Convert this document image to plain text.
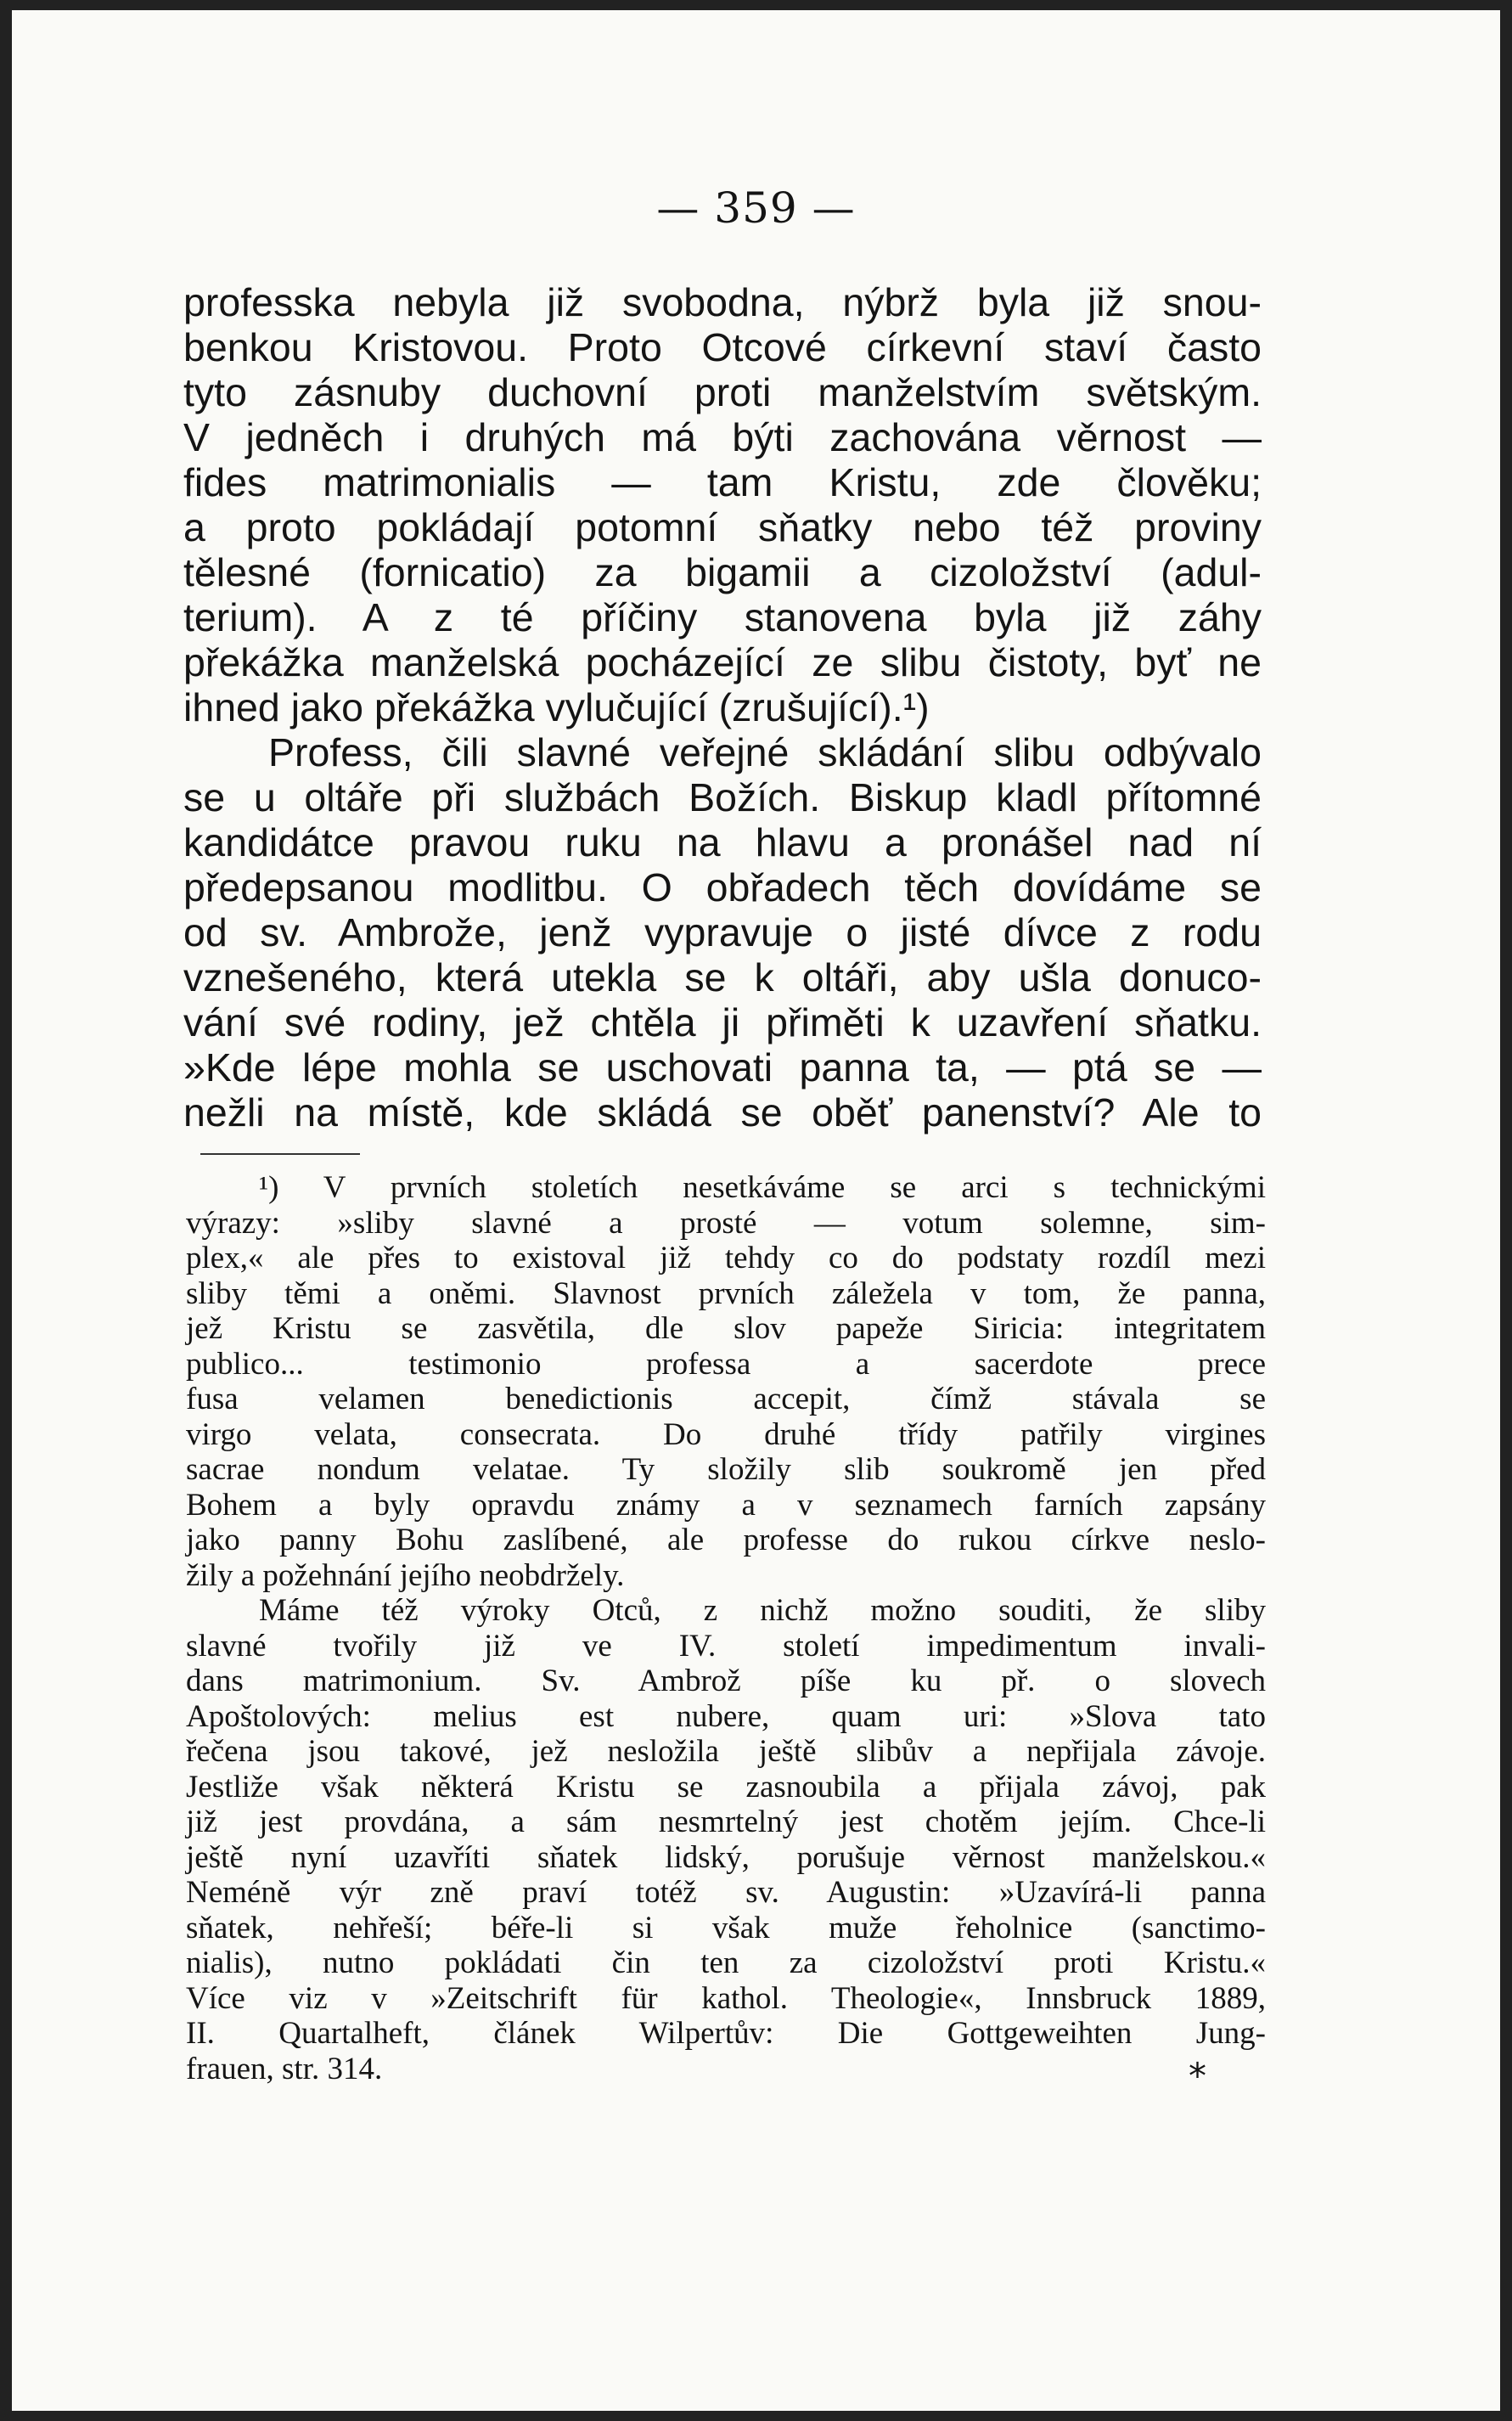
— 359 —
professka nebyla již svobodna, nýbrž byla již snou-
benkou Kristovou. Proto Otcové církevní staví často
tyto zásnuby duchovní proti manželstvím světským.
V jedněch i druhých má býti zachována věrnost —
fides matrimonialis — tam Kristu, zde člověku;
a proto pokládají potomní sňatky nebo též proviny
tělesné (fornicatio) za bigamii a cizoložství (adul-
terium). A z té příčiny stanovena byla již záhy
překážka manželská pocházející ze slibu čistoty, byť ne
ihned jako překážka vylučující (zrušující).¹)
Profess, čili slavné veřejné skládání slibu odbývalo
se u oltáře při službách Božích. Biskup kladl přítomné
kandidátce pravou ruku na hlavu a pronášel nad ní
předepsanou modlitbu. O obřadech těch dovídáme se
od sv. Ambrože, jenž vypravuje o jisté dívce z rodu
vznešeného, která utekla se k oltáři, aby ušla donuco-
vání své rodiny, jež chtěla ji přiměti k uzavření sňatku.
»Kde lépe mohla se uschovati panna ta, — ptá se —
nežli na místě, kde skládá se oběť panenství? Ale to
¹) V prvních stoletích nesetkáváme se arci s technickými
výrazy: »sliby slavné a prosté — votum solemne, sim-
plex,« ale přes to existoval již tehdy co do podstaty rozdíl mezi
sliby těmi a oněmi. Slavnost prvních záležela v tom, že panna,
jež Kristu se zasvětila, dle slov papeže Siricia: integritatem
publico... testimonio professa a sacerdote prece
fusa velamen benedictionis accepit, čímž stávala se
virgo velata, consecrata. Do druhé třídy patřily virgines
sacrae nondum velatae. Ty složily slib soukromě jen před
Bohem a byly opravdu známy a v seznamech farních zapsány
jako panny Bohu zaslíbené, ale professe do rukou církve neslo-
žily a požehnání jejího neobdržely.
Máme též výroky Otců, z nichž možno souditi, že sliby
slavné tvořily již ve IV. století impedimentum invali-
dans matrimonium. Sv. Ambrož píše ku př. o slovech
Apoštolových: melius est nubere, quam uri: »Slova tato
řečena jsou takové, jež nesložila ještě slibův a nepřijala závoje.
Jestliže však některá Kristu se zasnoubila a přijala závoj, pak
již jest provdána, a sám nesmrtelný jest chotěm jejím. Chce-li
ještě nyní uzavříti sňatek lidský, porušuje věrnost manželskou.«
Neméně výr zně praví totéž sv. Augustin: »Uzavírá-li panna
sňatek, nehřeší; béře-li si však muže řeholnice (sanctimo-
nialis), nutno pokládati čin ten za cizoložství proti Kristu.«
Více viz v »Zeitschrift für kathol. Theologie«, Innsbruck 1889,
II. Quartalheft, článek Wilpertův: Die Gottgeweihten Jung-
frauen, str. 314.	*
